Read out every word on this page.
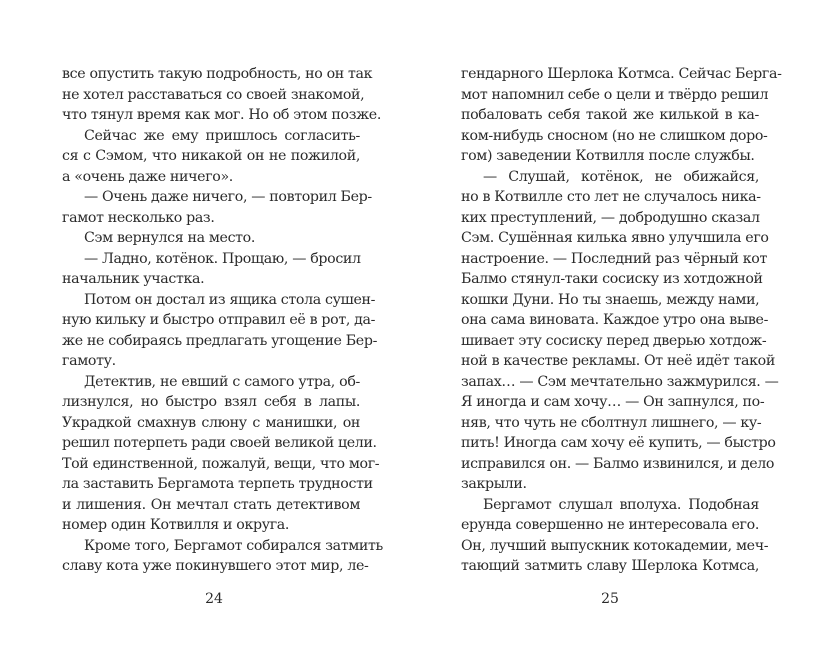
все опустить такую подробность, но он так
не хотел расставаться со своей знакомой,
что тянул время как мог. Но об этом позже.
Сейчас же ему пришлось согласить-
ся с Сэмом, что никакой он не пожилой,
а «очень даже ничего».
— Очень даже ничего, — повторил Бер-
гамот несколько раз.
Сэм вернулся на место.
— Ладно, котёнок. Прощаю, — бросил
начальник участка.
Потом он достал из ящика стола сушен-
ную кильку и быстро отправил её в рот, да-
же не собираясь предлагать угощение Бер-
гамоту.
Детектив, не евший с самого утра, об-
лизнулся, но быстро взял себя в лапы.
Украдкой смахнув слюну с манишки, он
решил потерпеть ради своей великой цели.
Той единственной, пожалуй, вещи, что мог-
ла заставить Бергамота терпеть трудности
и лишения. Он мечтал стать детективом
номер один Котвилля и округа.
Кроме того, Бергамот собирался затмить
славу кота уже покинувшего этот мир, ле-
гендарного Шерлока Котмса. Сейчас Берга-
мот напомнил себе о цели и твёрдо решил
побаловать себя такой же килькой в ка-
ком-нибудь сносном (но не слишком доро-
гом) заведении Котвилля после службы.
— Слушай, котёнок, не обижайся,
но в Котвилле сто лет не случалось ника-
ких преступлений, — добродушно сказал
Сэм. Сушённая килька явно улучшила его
настроение. — Последний раз чёрный кот
Балмо стянул-таки сосиску из хотдожной
кошки Дуни. Но ты знаешь, между нами,
она сама виновата. Каждое утро она выве-
шивает эту сосиску перед дверью хотдож-
ной в качестве рекламы. От неё идёт такой
запах… — Сэм мечтательно зажмурился. —
Я иногда и сам хочу… — Он запнулся, по-
няв, что чуть не сболтнул лишнего, — ку-
пить! Иногда сам хочу её купить, — быстро
исправился он. — Балмо извинился, и дело
закрыли.
Бергамот слушал вполуха. Подобная
ерунда совершенно не интересовала его.
Он, лучший выпускник котокадемии, меч-
тающий затмить славу Шерлока Котмса,
24	25
